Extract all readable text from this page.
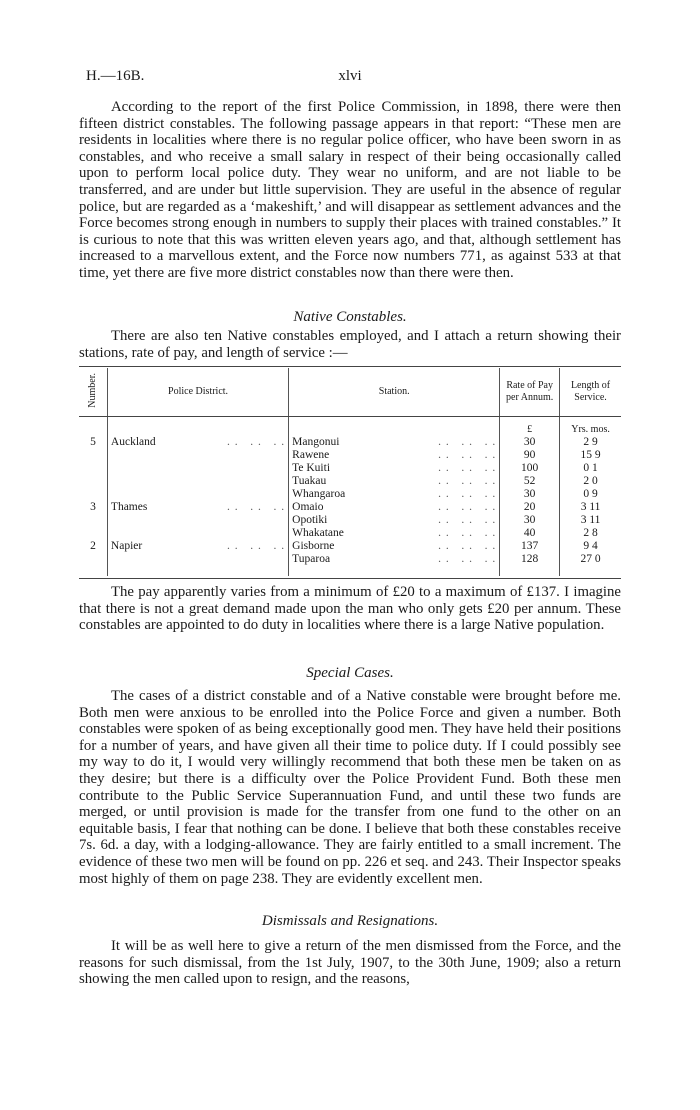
H.—16B.	xlvi

According to the report of the first Police Commission, in 1898, there were then fifteen district constables. The following passage appears in that report: “These men are residents in localities where there is no regular police officer, who have been sworn in as constables, and who receive a small salary in respect of their being occasionally called upon to perform local police duty. They wear no uniform, and are not liable to be transferred, and are under but little supervision. They are useful in the absence of regular police, but are regarded as a ‘makeshift,’ and will disappear as settlement advances and the Force becomes strong enough in numbers to supply their places with trained constables.” It is curious to note that this was written eleven years ago, and that, although settlement has increased to a marvellous extent, and the Force now numbers 771, as against 533 at that time, yet there are five more district constables now than there were then.

Native Constables.

There are also ten Native constables employed, and I attach a return showing their stations, rate of pay, and length of service :—

Number.	Police District.	Station.	Rate of Pay per Annum.	Length of Service.
			£	Yrs. mos.
5	Auckland . .   . .   . .	Mangonui . .   . .   . .	30	2 9
		Rawene . .   . .   . .	90	15 9
		Te Kuiti . .   . .   . .	100	0 1
		Tuakau . .   . .   . .	52	2 0
		Whangaroa . .   . .   . .	30	0 9
3	Thames . .   . .   . .	Omaio . .   . .   . .	20	3 11
		Opotiki . .   . .   . .	30	3 11
		Whakatane . .   . .   . .	40	2 8
2	Napier . .   . .   . .	Gisborne . .   . .   . .	137	9 4
		Tuparoa . .   . .   . .	128	27 0

The pay apparently varies from a minimum of £20 to a maximum of £137. I imagine that there is not a great demand made upon the man who only gets £20 per annum. These constables are appointed to do duty in localities where there is a large Native population.

Special Cases.

The cases of a district constable and of a Native constable were brought before me. Both men were anxious to be enrolled into the Police Force and given a number. Both constables were spoken of as being exceptionally good men. They have held their positions for a number of years, and have given all their time to police duty. If I could possibly see my way to do it, I would very willingly recommend that both these men be taken on as they desire; but there is a difficulty over the Police Provident Fund. Both these men contribute to the Public Service Superannuation Fund, and until these two funds are merged, or until provision is made for the transfer from one fund to the other on an equitable basis, I fear that nothing can be done. I believe that both these constables receive 7s. 6d. a day, with a lodging-allowance. They are fairly entitled to a small increment. The evidence of these two men will be found on pp. 226 et seq. and 243. Their Inspector speaks most highly of them on page 238. They are evidently excellent men.

Dismissals and Resignations.

It will be as well here to give a return of the men dismissed from the Force, and the reasons for such dismissal, from the 1st July, 1907, to the 30th June, 1909; also a return showing the men called upon to resign, and the reasons,
